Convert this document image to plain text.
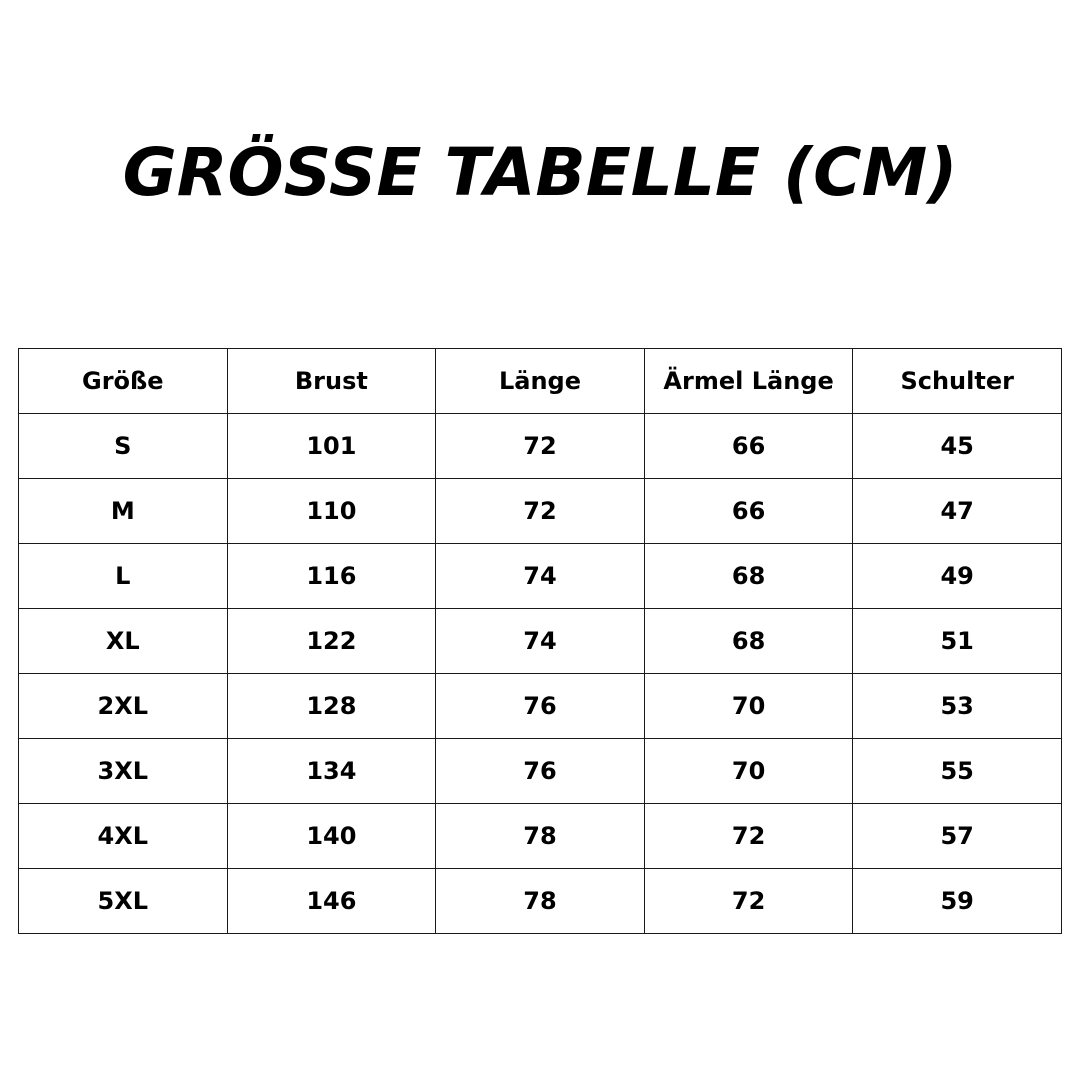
GRÖSSE TABELLE (CM)
Größe	Brust	Länge	Ärmel Länge	Schulter
S	101	72	66	45
M	110	72	66	47
L	116	74	68	49
XL	122	74	68	51
2XL	128	76	70	53
3XL	134	76	70	55
4XL	140	78	72	57
5XL	146	78	72	59
